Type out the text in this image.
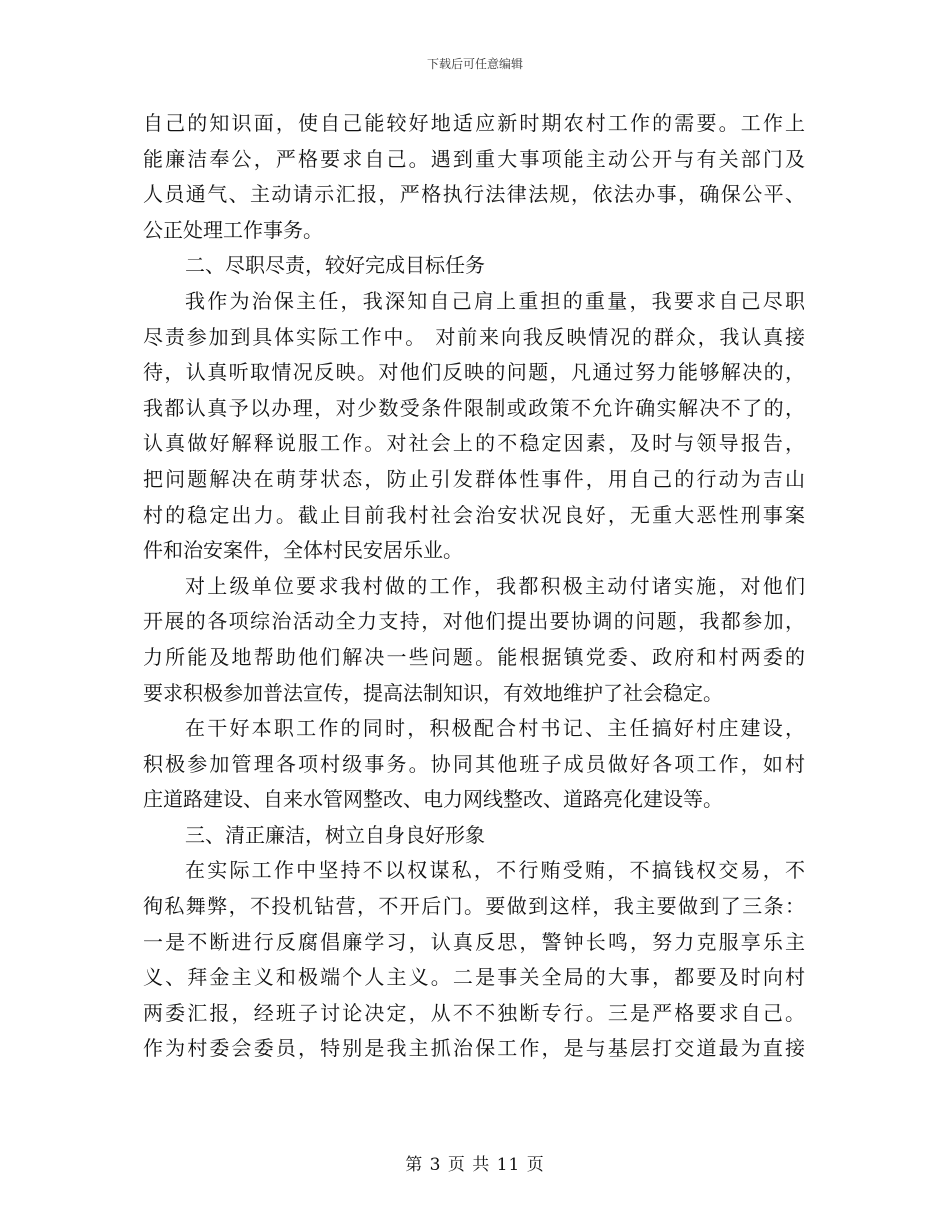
下载后可任意编辑
自己的知识面，使自己能较好地适应新时期农村工作的需要。工作上
能廉洁奉公，严格要求自己。遇到重大事项能主动公开与有关部门及
人员通气、主动请示汇报，严格执行法律法规，依法办事，确保公平、
公正处理工作事务。
二、尽职尽责，较好完成目标任务
我作为治保主任，我深知自己肩上重担的重量，我要求自己尽职
尽责参加到具体实际工作中。 对前来向我反映情况的群众，我认真接
待，认真听取情况反映。对他们反映的问题，凡通过努力能够解决的，
我都认真予以办理，对少数受条件限制或政策不允许确实解决不了的，
认真做好解释说服工作。对社会上的不稳定因素，及时与领导报告，
把问题解决在萌芽状态，防止引发群体性事件，用自己的行动为吉山
村的稳定出力。截止目前我村社会治安状况良好，无重大恶性刑事案
件和治安案件，全体村民安居乐业。
对上级单位要求我村做的工作，我都积极主动付诸实施，对他们
开展的各项综治活动全力支持，对他们提出要协调的问题，我都参加，
力所能及地帮助他们解决一些问题。能根据镇党委、政府和村两委的
要求积极参加普法宣传，提高法制知识，有效地维护了社会稳定。
在干好本职工作的同时，积极配合村书记、主任搞好村庄建设，
积极参加管理各项村级事务。协同其他班子成员做好各项工作，如村
庄道路建设、自来水管网整改、电力网线整改、道路亮化建设等。
三、清正廉洁，树立自身良好形象
在实际工作中坚持不以权谋私，不行贿受贿，不搞钱权交易，不
徇私舞弊，不投机钻营，不开后门。要做到这样，我主要做到了三条：
一是不断进行反腐倡廉学习，认真反思，警钟长鸣，努力克服享乐主
义、拜金主义和极端个人主义。二是事关全局的大事，都要及时向村
两委汇报，经班子讨论决定，从不不独断专行。三是严格要求自己。
作为村委会委员，特别是我主抓治保工作，是与基层打交道最为直接
第 3 页 共 11 页
